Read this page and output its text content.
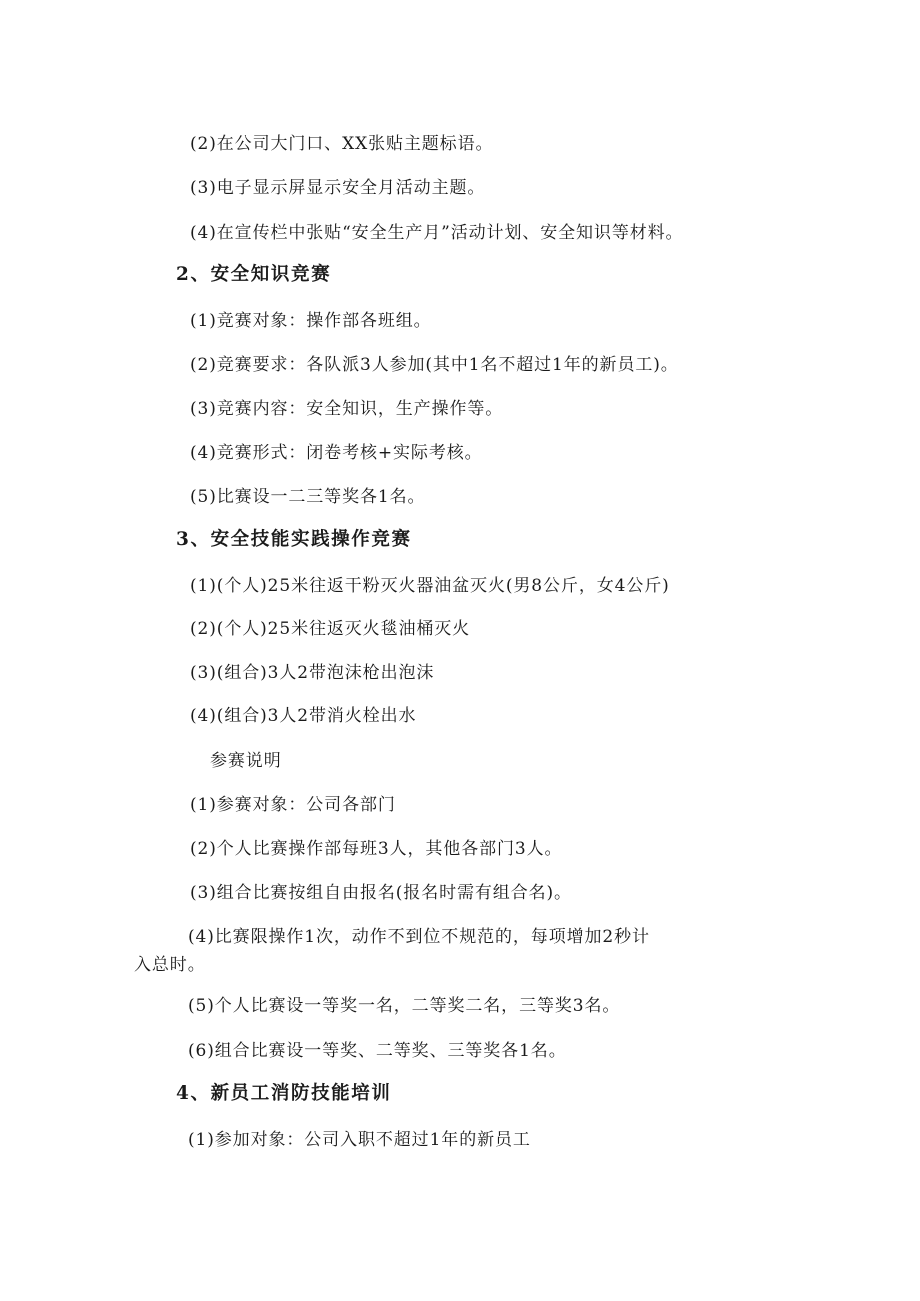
(2)在公司大门口、XX张贴主题标语。
(3)电子显示屏显示安全月活动主题。
(4)在宣传栏中张贴“安全生产月”活动计划、安全知识等材料。
2、安全知识竞赛
(1)竞赛对象：操作部各班组。
(2)竞赛要求：各队派3人参加(其中1名不超过1年的新员工)。
(3)竞赛内容：安全知识，生产操作等。
(4)竞赛形式：闭卷考核+实际考核。
(5)比赛设一二三等奖各1名。
3、安全技能实践操作竞赛
(1)(个人)25米往返干粉灭火器油盆灭火(男8公斤，女4公斤)
(2)(个人)25米往返灭火毯油桶灭火
(3)(组合)3人2带泡沫枪出泡沫
(4)(组合)3人2带消火栓出水
参赛说明
(1)参赛对象：公司各部门
(2)个人比赛操作部每班3人，其他各部门3人。
(3)组合比赛按组自由报名(报名时需有组合名)。
(4)比赛限操作1次，动作不到位不规范的，每项增加2秒计
入总时。
(5)个人比赛设一等奖一名，二等奖二名，三等奖3名。
(6)组合比赛设一等奖、二等奖、三等奖各1名。
4、新员工消防技能培训
(1)参加对象：公司入职不超过1年的新员工
